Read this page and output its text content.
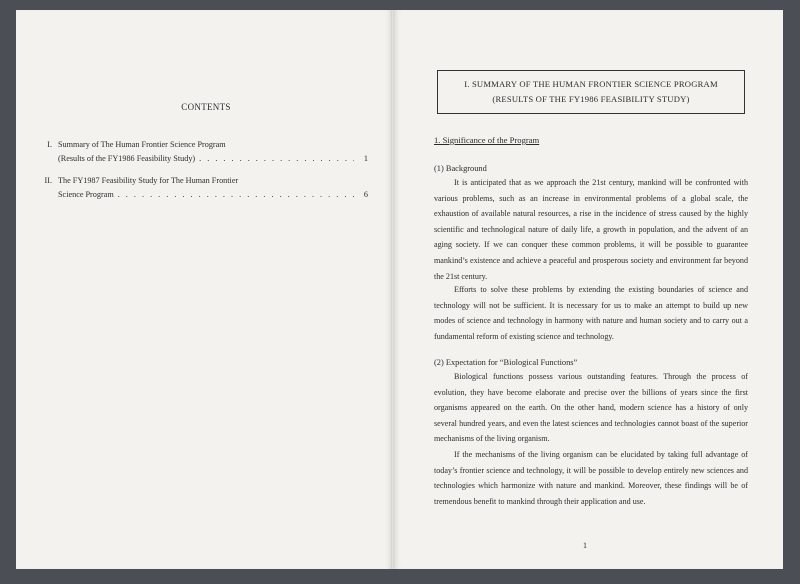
CONTENTS
I. Summary of The Human Frontier Science Program
(Results of the FY1986 Feasibility Study) . . .	1
II. The FY1987 Feasibility Study for The Human Frontier
Science Program . . .	6
I. SUMMARY OF THE HUMAN FRONTIER SCIENCE PROGRAM
(RESULTS OF THE FY1986 FEASIBILITY STUDY)
1. Significance of the Program
(1) Background
It is anticipated that as we approach the 21st century, mankind will be confronted with various problems, such as an increase in environmental problems of a global scale, the exhaustion of available natural resources, a rise in the incidence of stress caused by the highly scientific and technological nature of daily life, a growth in population, and the advent of an aging society. If we can conquer these common problems, it will be possible to guarantee mankind’s existence and achieve a peaceful and prosperous society and environment far beyond the 21st century.
Efforts to solve these problems by extending the existing boundaries of science and technology will not be sufficient. It is necessary for us to make an attempt to build up new modes of science and technology in harmony with nature and human society and to carry out a fundamental reform of existing science and technology.
(2) Expectation for “Biological Functions”
Biological functions possess various outstanding features. Through the process of evolution, they have become elaborate and precise over the billions of years since the first organisms appeared on the earth. On the other hand, modern science has a history of only several hundred years, and even the latest sciences and technologies cannot boast of the superior mechanisms of the living organism.
If the mechanisms of the living organism can be elucidated by taking full advantage of today’s frontier science and technology, it will be possible to develop entirely new sciences and technologies which harmonize with nature and mankind. Moreover, these findings will be of tremendous benefit to mankind through their application and use.
1
